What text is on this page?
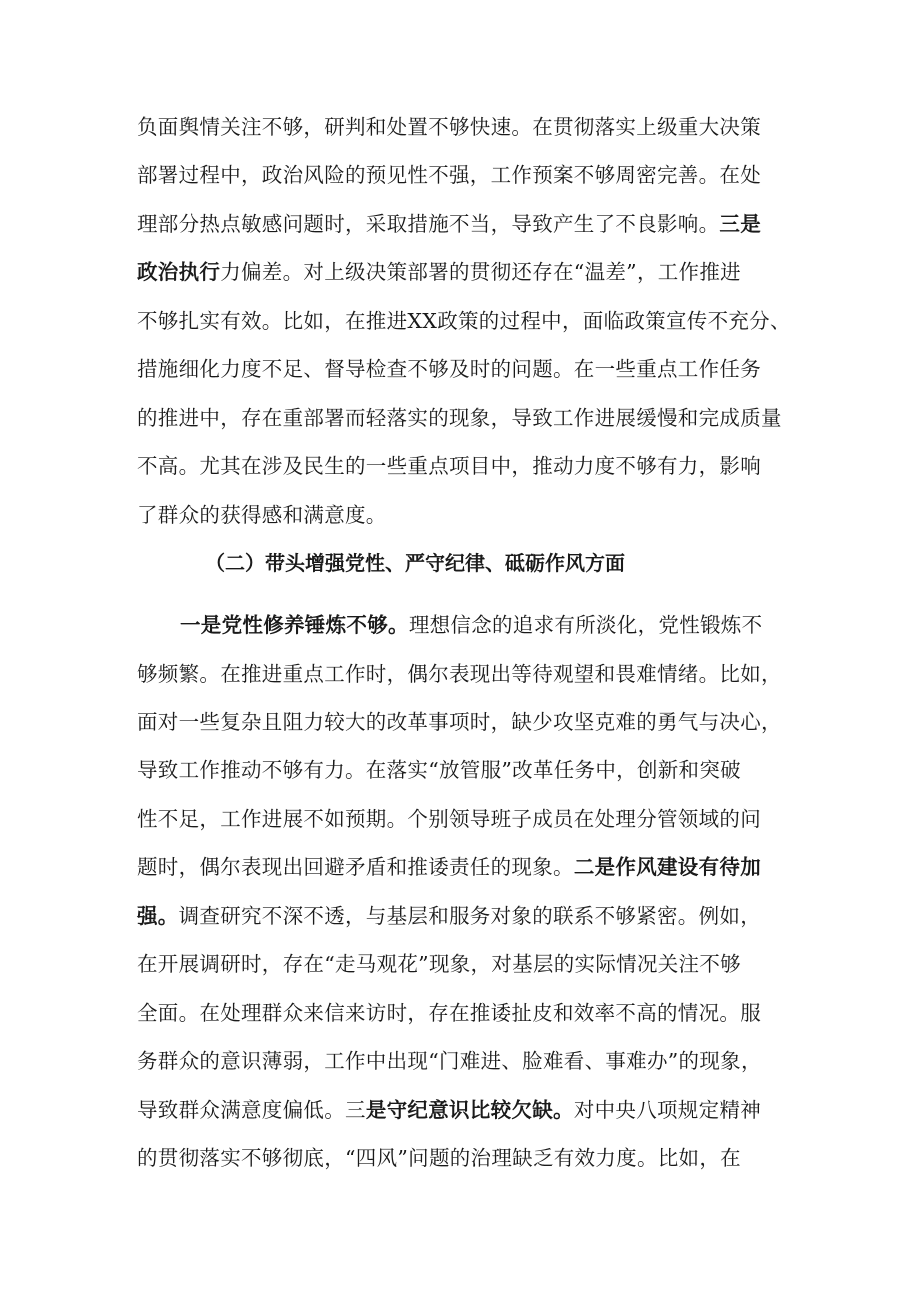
负面舆情关注不够，研判和处置不够快速。在贯彻落实上级重大决策
部署过程中，政治风险的预见性不强，工作预案不够周密完善。在处
理部分热点敏感问题时，采取措施不当，导致产生了不良影响。三是
政治执行力偏差。对上级决策部署的贯彻还存在“温差”，工作推进
不够扎实有效。比如，在推进XX政策的过程中，面临政策宣传不充分、
措施细化力度不足、督导检查不够及时的问题。在一些重点工作任务
的推进中，存在重部署而轻落实的现象，导致工作进展缓慢和完成质量
不高。尤其在涉及民生的一些重点项目中，推动力度不够有力，影响
了群众的获得感和满意度。
（二）带头增强党性、严守纪律、砥砺作风方面
一是党性修养锤炼不够。理想信念的追求有所淡化，党性锻炼不
够频繁。在推进重点工作时，偶尔表现出等待观望和畏难情绪。比如，
面对一些复杂且阻力较大的改革事项时，缺少攻坚克难的勇气与决心，
导致工作推动不够有力。在落实“放管服”改革任务中，创新和突破
性不足，工作进展不如预期。个别领导班子成员在处理分管领域的问
题时，偶尔表现出回避矛盾和推诿责任的现象。二是作风建设有待加
强。调查研究不深不透，与基层和服务对象的联系不够紧密。例如，
在开展调研时，存在“走马观花”现象，对基层的实际情况关注不够
全面。在处理群众来信来访时，存在推诿扯皮和效率不高的情况。服
务群众的意识薄弱，工作中出现“门难进、脸难看、事难办”的现象，
导致群众满意度偏低。三是守纪意识比较欠缺。对中央八项规定精神
的贯彻落实不够彻底，“四风”问题的治理缺乏有效力度。比如，在
